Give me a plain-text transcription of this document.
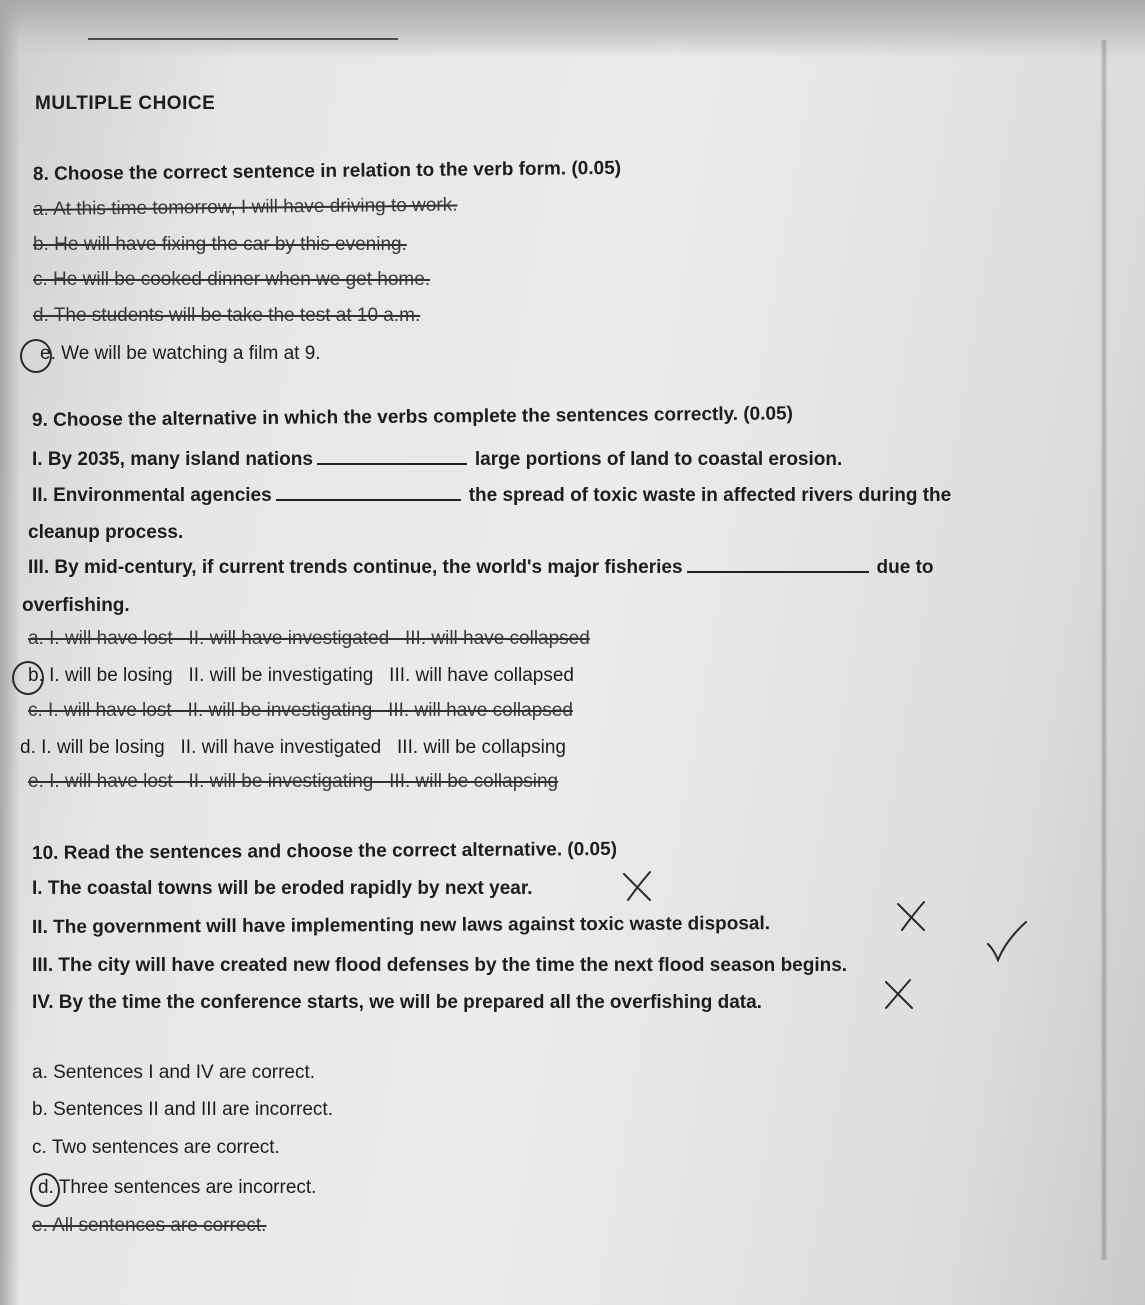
MULTIPLE CHOICE
8. Choose the correct sentence in relation to the verb form. (0.05)
a. At this time tomorrow, I will have driving to work.
b. He will have fixing the car by this evening.
c. He will be cooked dinner when we get home.
d. The students will be take the test at 10 a.m.
e. We will be watching a film at 9.
9. Choose the alternative in which the verbs complete the sentences correctly. (0.05)
I. By 2035, many island nations	large portions of land to coastal erosion.
II. Environmental agencies	the spread of toxic waste in affected rivers during the
cleanup process.
III. By mid-century, if current trends continue, the world's major fisheries	due to
overfishing.
a. I. will have lost   II. will have investigated   III. will have collapsed
b. I. will be losing   II. will be investigating   III. will have collapsed
c. I. will have lost   II. will be investigating   III. will have collapsed
d. I. will be losing   II. will have investigated   III. will be collapsing
e. I. will have lost   II. will be investigating   III. will be collapsing
10. Read the sentences and choose the correct alternative. (0.05)
I. The coastal towns will be eroded rapidly by next year.
II. The government will have implementing new laws against toxic waste disposal.
III. The city will have created new flood defenses by the time the next flood season begins.
IV. By the time the conference starts, we will be prepared all the overfishing data.
a. Sentences I and IV are correct.
b. Sentences II and III are incorrect.
c. Two sentences are correct.
d. Three sentences are incorrect.
e. All sentences are correct.
